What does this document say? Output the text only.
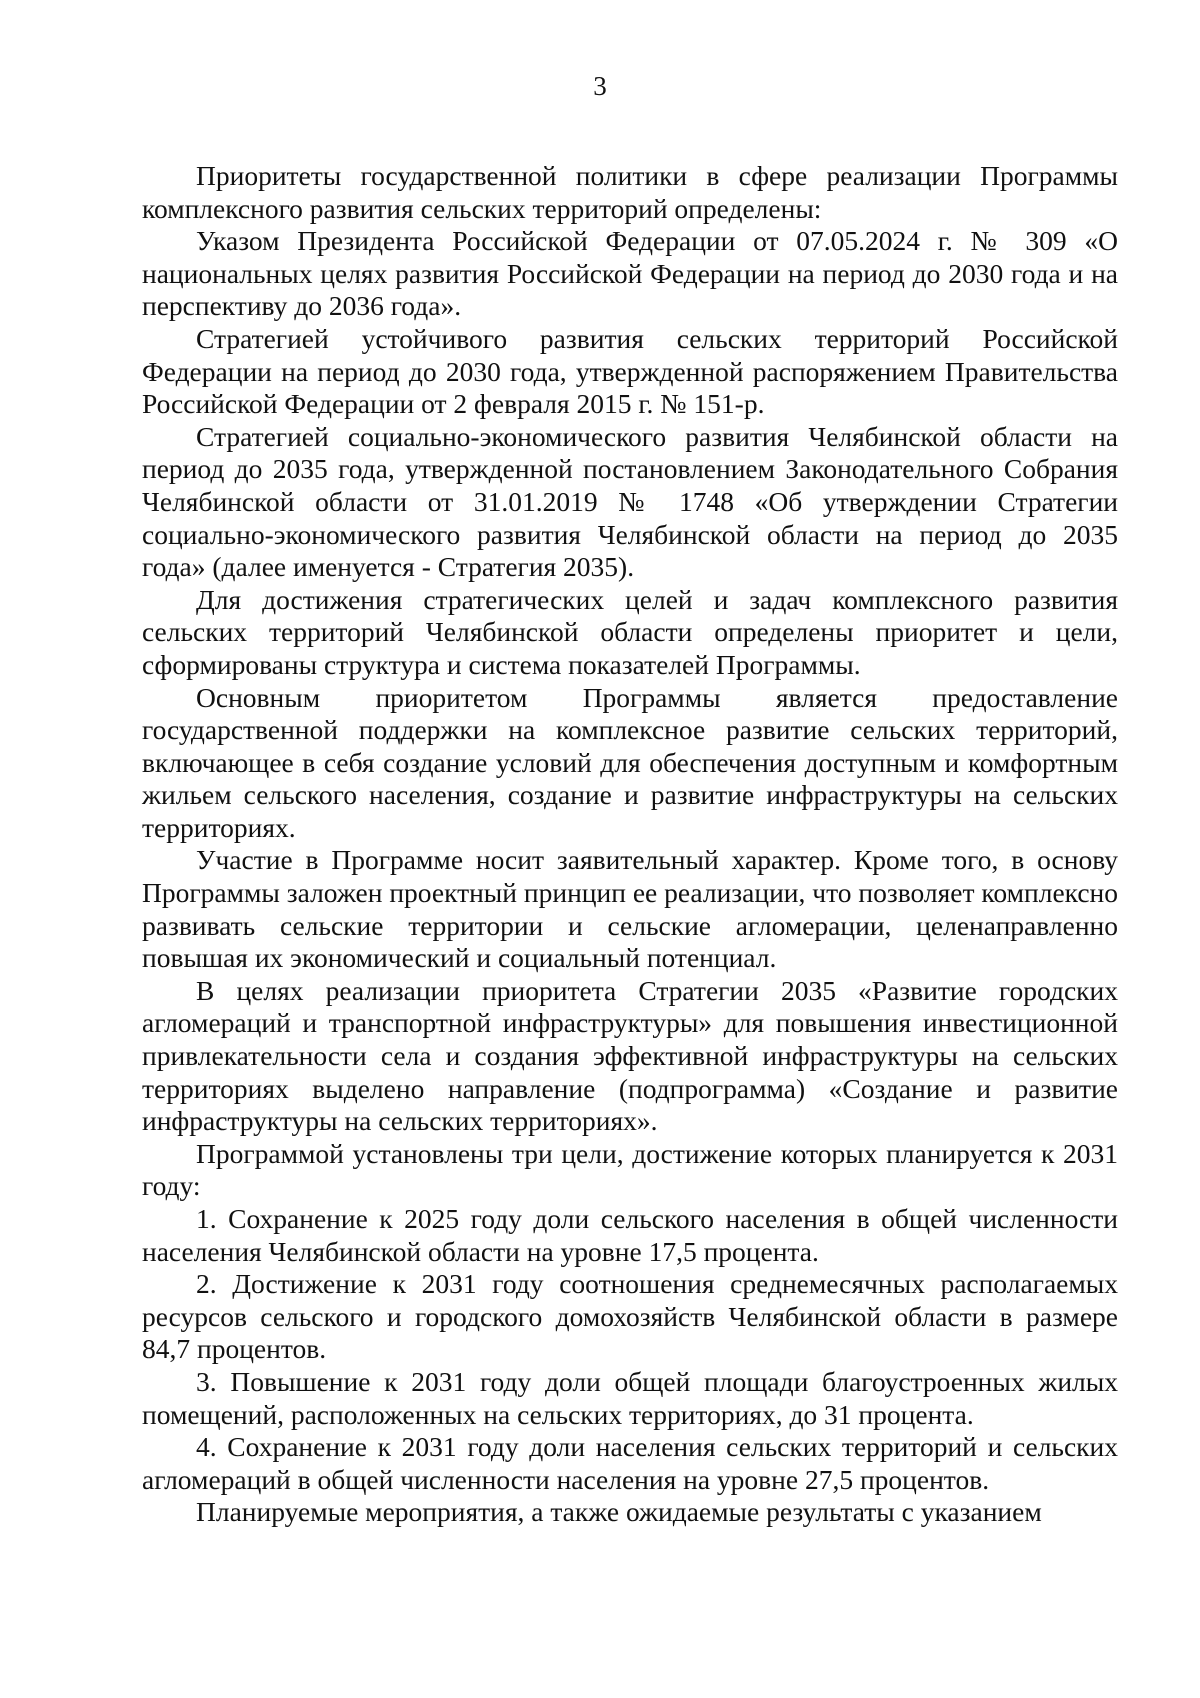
3

Приоритеты государственной политики в сфере реализации Программы комплексного развития сельских территорий определены:

Указом Президента Российской Федерации от 07.05.2024 г. № 309 «О национальных целях развития Российской Федерации на период до 2030 года и на перспективу до 2036 года».

Стратегией устойчивого развития сельских территорий Российской Федерации на период до 2030 года, утвержденной распоряжением Правительства Российской Федерации от 2 февраля 2015 г. № 151-р.

Стратегией социально-экономического развития Челябинской области на период до 2035 года, утвержденной постановлением Законодательного Собрания Челябинской области от 31.01.2019 № 1748 «Об утверждении Стратегии социально-экономического развития Челябинской области на период до 2035 года» (далее именуется - Стратегия 2035).

Для достижения стратегических целей и задач комплексного развития сельских территорий Челябинской области определены приоритет и цели, сформированы структура и система показателей Программы.

Основным приоритетом Программы является предоставление государственной поддержки на комплексное развитие сельских территорий, включающее в себя создание условий для обеспечения доступным и комфортным жильем сельского населения, создание и развитие инфраструктуры на сельских территориях.

Участие в Программе носит заявительный характер. Кроме того, в основу Программы заложен проектный принцип ее реализации, что позволяет комплексно развивать сельские территории и сельские агломерации, целенаправленно повышая их экономический и социальный потенциал.

В целях реализации приоритета Стратегии 2035 «Развитие городских агломераций и транспортной инфраструктуры» для повышения инвестиционной привлекательности села и создания эффективной инфраструктуры на сельских территориях выделено направление (подпрограмма) «Создание и развитие инфраструктуры на сельских территориях».

Программой установлены три цели, достижение которых планируется к 2031 году:

1. Сохранение к 2025 году доли сельского населения в общей численности населения Челябинской области на уровне 17,5 процента.

2. Достижение к 2031 году соотношения среднемесячных располагаемых ресурсов сельского и городского домохозяйств Челябинской области в размере 84,7 процентов.

3. Повышение к 2031 году доли общей площади благоустроенных жилых помещений, расположенных на сельских территориях, до 31 процента.

4. Сохранение к 2031 году доли населения сельских территорий и сельских агломераций в общей численности населения на уровне 27,5 процентов.

Планируемые мероприятия, а также ожидаемые результаты с указанием
